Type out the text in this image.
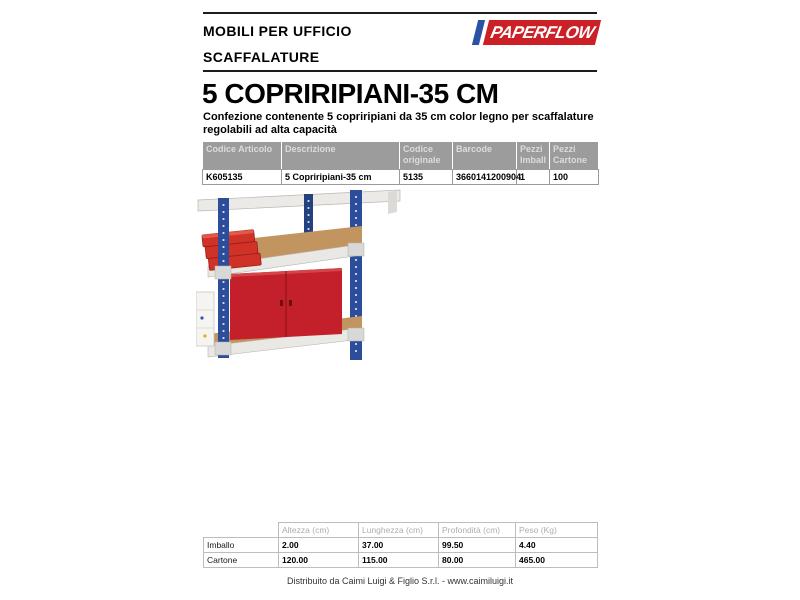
MOBILI PER UFFICIO	PAPERFLOW
SCAFFALATURE
5 COPRIRIPIANI-35 CM
Confezione contenente 5 copriripiani da 35 cm color legno per scaffalature regolabili ad alta capacità
Codice Articolo	Descrizione	Codice originale	Barcode	Pezzi Imball	Pezzi Cartone
K605135	5 Copriripiani-35 cm	5135	3660141200904	1	100
	Altezza (cm)	Lunghezza (cm)	Profondità (cm)	Peso (Kg)
Imballo	2.00	37.00	99.50	4.40
Cartone	120.00	115.00	80.00	465.00
Distribuito da Caimi Luigi & Figlio S.r.l. - www.caimiluigi.it
